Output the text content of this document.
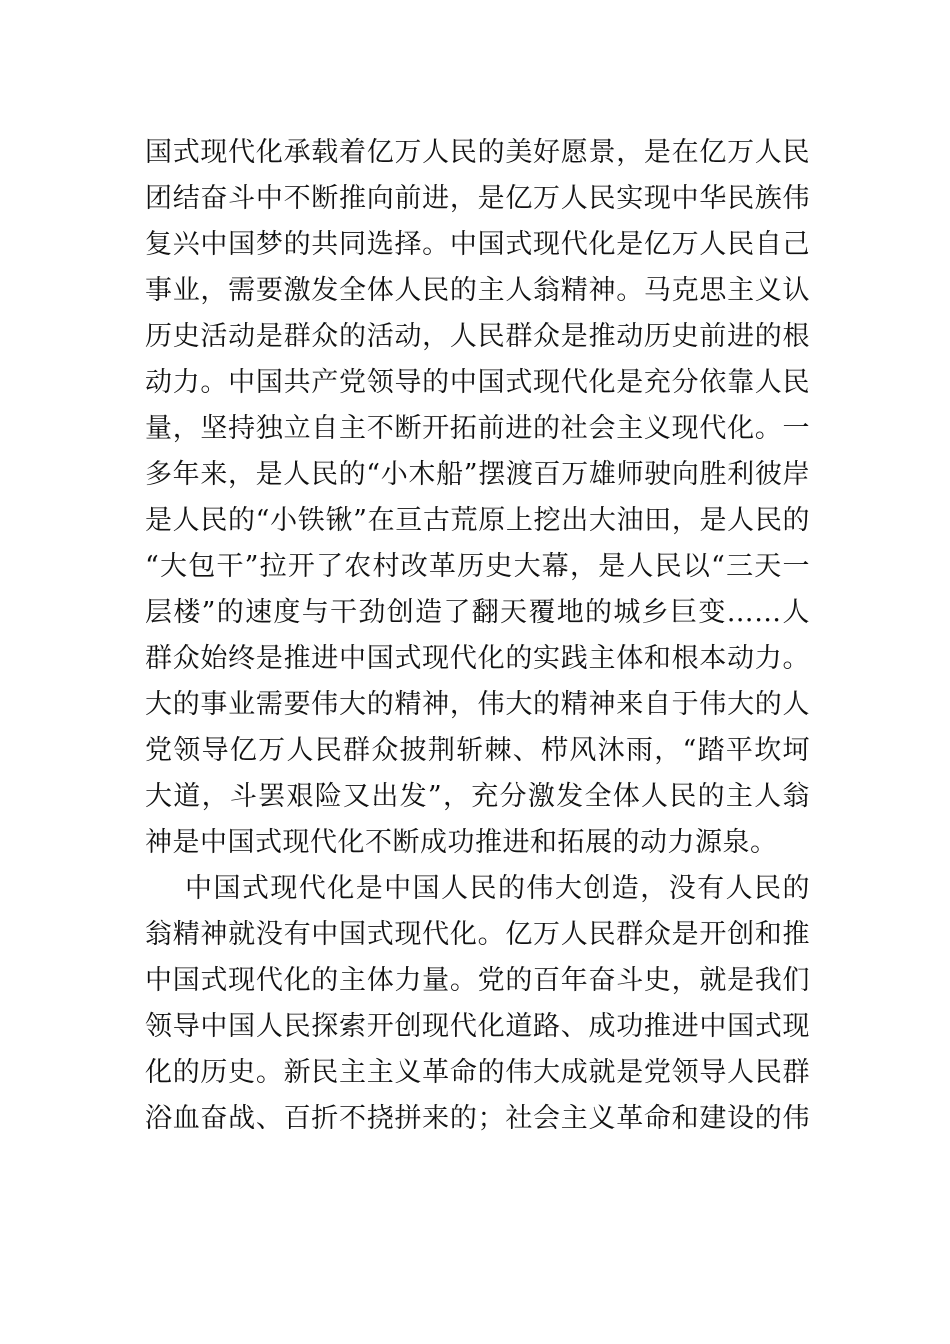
国式现代化承载着亿万人民的美好愿景，是在亿万人民
团结奋斗中不断推向前进，是亿万人民实现中华民族伟
复兴中国梦的共同选择。中国式现代化是亿万人民自己
事业，需要激发全体人民的主人翁精神。马克思主义认
历史活动是群众的活动，人民群众是推动历史前进的根
动力。中国共产党领导的中国式现代化是充分依靠人民
量，坚持独立自主不断开拓前进的社会主义现代化。一
多年来，是人民的“小木船”摆渡百万雄师驶向胜利彼岸
是人民的“小铁锹”在亘古荒原上挖出大油田，是人民的
“大包干”拉开了农村改革历史大幕，是人民以“三天一
层楼”的速度与干劲创造了翻天覆地的城乡巨变……人
群众始终是推进中国式现代化的实践主体和根本动力。
大的事业需要伟大的精神，伟大的精神来自于伟大的人
党领导亿万人民群众披荆斩棘、栉风沐雨，“踏平坎坷
大道，斗罢艰险又出发”，充分激发全体人民的主人翁
神是中国式现代化不断成功推进和拓展的动力源泉。
中国式现代化是中国人民的伟大创造，没有人民的
翁精神就没有中国式现代化。亿万人民群众是开创和推
中国式现代化的主体力量。党的百年奋斗史，就是我们
领导中国人民探索开创现代化道路、成功推进中国式现
化的历史。新民主主义革命的伟大成就是党领导人民群
浴血奋战、百折不挠拼来的；社会主义革命和建设的伟
